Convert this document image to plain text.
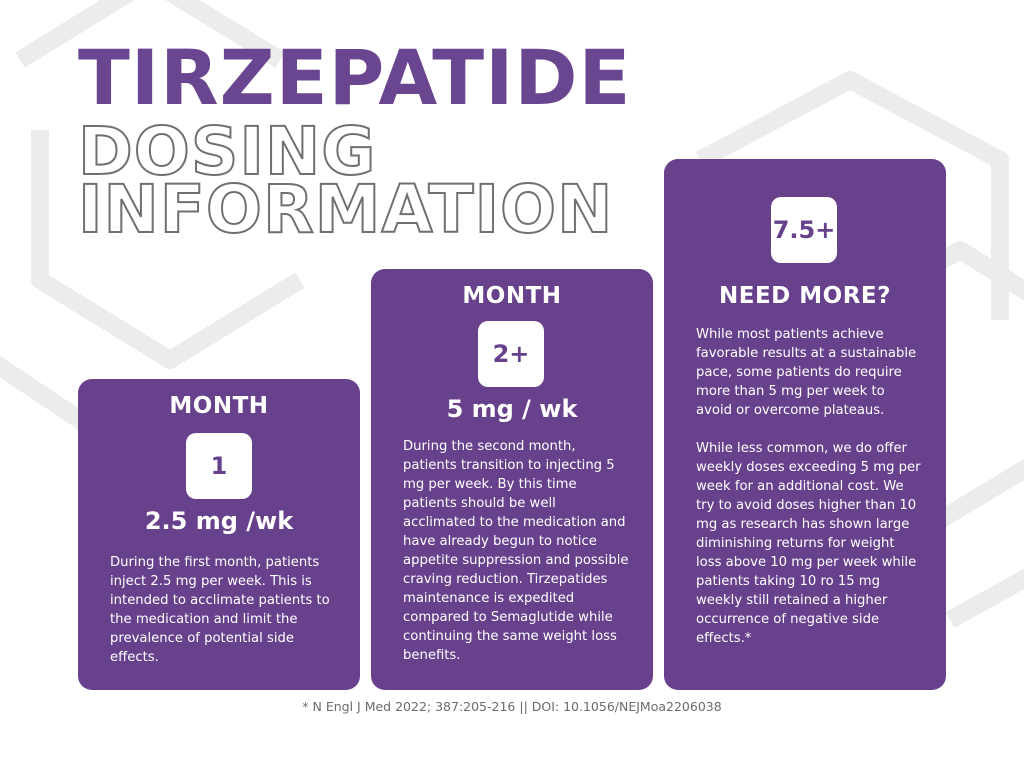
TIRZEPATIDE
DOSING
INFORMATION
MONTH
1
2.5 mg /wk
During the first month, patients inject 2.5 mg per week. This is intended to acclimate patients to the medication and limit the prevalence of potential side effects.
MONTH
2+
5 mg / wk
During the second month, patients transition to injecting 5 mg per week. By this time patients should be well acclimated to the medication and have already begun to notice appetite suppression and possible craving reduction. Tirzepatides maintenance is expedited compared to Semaglutide while continuing the same weight loss benefits.
7.5+
NEED MORE?

While most patients achieve favorable results at a sustainable pace, some patients do require more than 5 mg per week to avoid or overcome plateaus.

While less common, we do offer weekly doses exceeding 5 mg per week for an additional cost. We try to avoid doses higher than 10 mg as research has shown large diminishing returns for weight loss above 10 mg per week while patients taking 10 ro 15 mg weekly still retained a higher occurrence of negative side effects.*

* N Engl J Med 2022; 387:205-216 || DOI: 10.1056/NEJMoa2206038
